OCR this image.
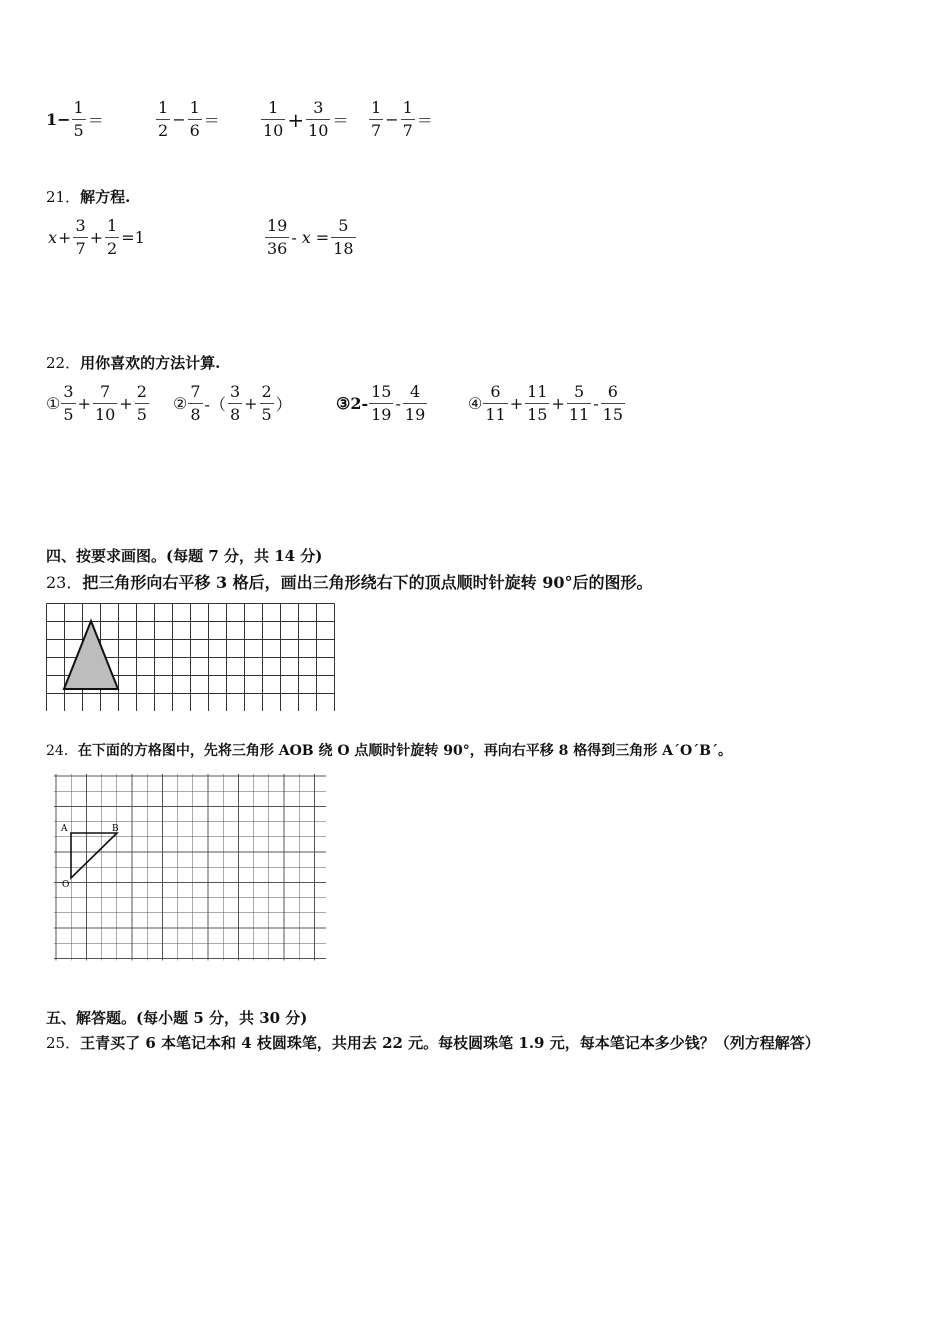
$1- \frac{1}{5}$ ＝	$\frac{1}{2} - \frac{1}{6}$ ＝	$\frac{1}{10} + \frac{3}{10} = \frac{1}{7} - \frac{1}{7}$ ＝
21．解方程.
$x + \frac{3}{7} + \frac{1}{2} =1$	$\frac{19}{36} - x = \frac{5}{18}$
22．用你喜欢的方法计算.
① $\frac{3}{5} + \frac{7}{10} + \frac{2}{5}$ ② $\frac{7}{8}$ -（ $\frac{3}{8} + \frac{2}{5}$ ）	③ $2- \frac{15}{19} - \frac{4}{19}$	④ $\frac{6}{11} + \frac{11}{15} + \frac{5}{11} - \frac{6}{15}$
四、按要求画图。(每题 7 分，共 14 分)
23．把三角形向右平移 3 格后，画出三角形绕右下的顶点顺时针旋转 90°后的图形。
24．在下面的方格图中，先将三角形 AOB 绕 O 点顺时针旋转 90°，再向右平移 8 格得到三角形 A´O´B´。
A	B
O
五、解答题。(每小题 5 分，共 30 分)
25．王青买了 6 本笔记本和 4 枝圆珠笔，共用去 22 元。每枝圆珠笔 1.9 元，每本笔记本多少钱？（列方程解答）
